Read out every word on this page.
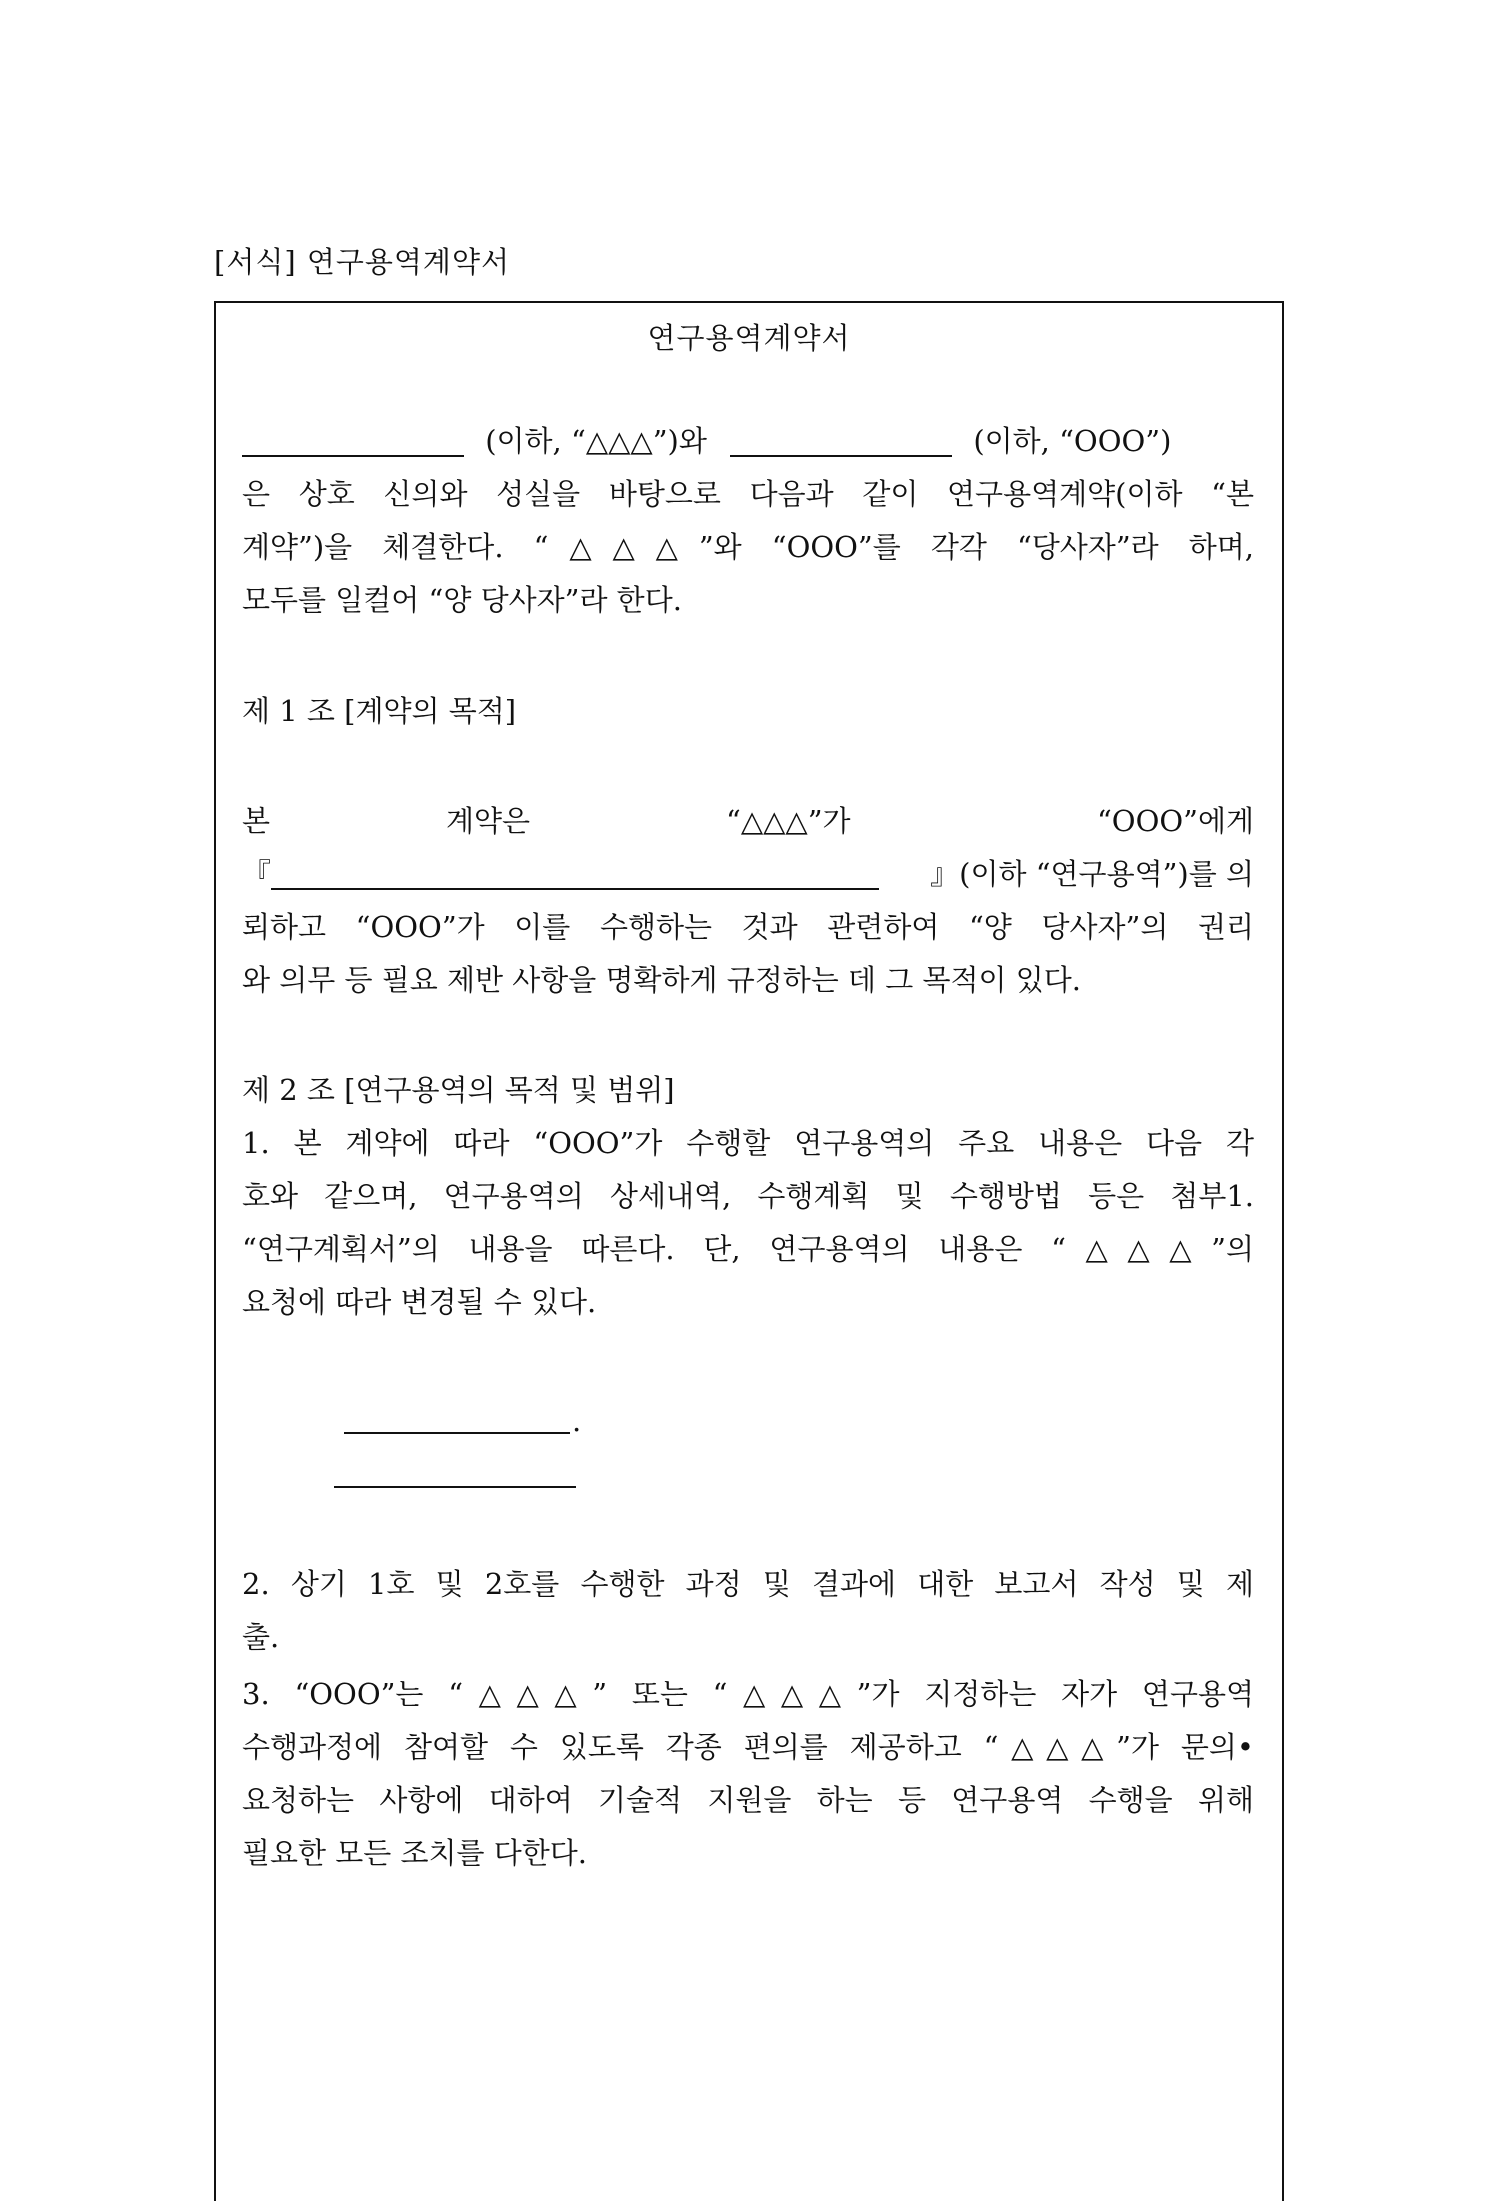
[서식] 연구용역계약서
연구용역계약서
(이하, “△△△”)와	(이하, “OOO”)
은 상호 신의와 성실을 바탕으로 다음과 같이 연구용역계약(이하 “본
계약”)을 체결한다. “△△△”와 “OOO”를 각각 “당사자”라 하며,
모두를 일컬어 “양 당사자”라 한다.
제 1 조 [계약의 목적]
본	계약은	“△△△”가	“OOO”에게
『	』(이하 “연구용역”)를 의
뢰하고 “OOO”가 이를 수행하는 것과 관련하여 “양 당사자”의 권리
와 의무 등 필요 제반 사항을 명확하게 규정하는 데 그 목적이 있다.
제 2 조 [연구용역의 목적 및 범위]
1. 본 계약에 따라 “OOO”가 수행할 연구용역의 주요 내용은 다음 각
호와 같으며, 연구용역의 상세내역, 수행계획 및 수행방법 등은 첨부1.
“연구계획서”의 내용을 따른다. 단, 연구용역의 내용은 “△△△”의
요청에 따라 변경될 수 있다.
.
2. 상기 1호 및 2호를 수행한 과정 및 결과에 대한 보고서 작성 및 제
출.
3. “OOO”는 “△△△” 또는 “△△△”가 지정하는 자가 연구용역
수행과정에 참여할 수 있도록 각종 편의를 제공하고 “△△△”가 문의•
요청하는 사항에 대하여 기술적 지원을 하는 등 연구용역 수행을 위해
필요한 모든 조치를 다한다.
